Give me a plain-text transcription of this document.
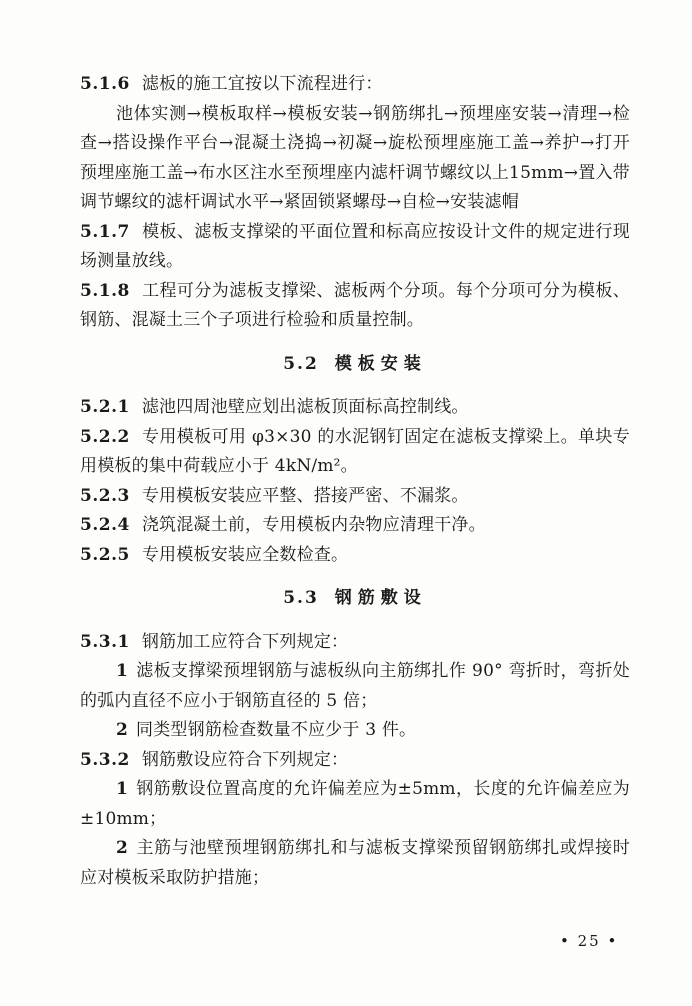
5.1.6 滤板的施工宜按以下流程进行：

池体实测→模板取样→模板安装→钢筋绑扎→预埋座安装→清理→检查→搭设操作平台→混凝土浇捣→初凝→旋松预埋座施工盖→养护→打开预埋座施工盖→布水区注水至预埋座内滤杆调节螺纹以上15mm→置入带调节螺纹的滤杆调试水平→紧固锁紧螺母→自检→安装滤帽

5.1.7 模板、滤板支撑梁的平面位置和标高应按设计文件的规定进行现场测量放线。

5.1.8 工程可分为滤板支撑梁、滤板两个分项。每个分项可分为模板、钢筋、混凝土三个子项进行检验和质量控制。

5.2 模板安装

5.2.1 滤池四周池壁应划出滤板顶面标高控制线。

5.2.2 专用模板可用 φ3×30 的水泥钢钉固定在滤板支撑梁上。单块专用模板的集中荷载应小于 4kN/m²。

5.2.3 专用模板安装应平整、搭接严密、不漏浆。

5.2.4 浇筑混凝土前，专用模板内杂物应清理干净。

5.2.5 专用模板安装应全数检查。

5.3 钢筋敷设

5.3.1 钢筋加工应符合下列规定：

1 滤板支撑梁预埋钢筋与滤板纵向主筋绑扎作 90° 弯折时，弯折处的弧内直径不应小于钢筋直径的 5 倍；

2 同类型钢筋检查数量不应少于 3 件。

5.3.2 钢筋敷设应符合下列规定：

1 钢筋敷设位置高度的允许偏差应为±5mm，长度的允许偏差应为±10mm；

2 主筋与池壁预埋钢筋绑扎和与滤板支撑梁预留钢筋绑扎或焊接时应对模板采取防护措施；

• 25 •
